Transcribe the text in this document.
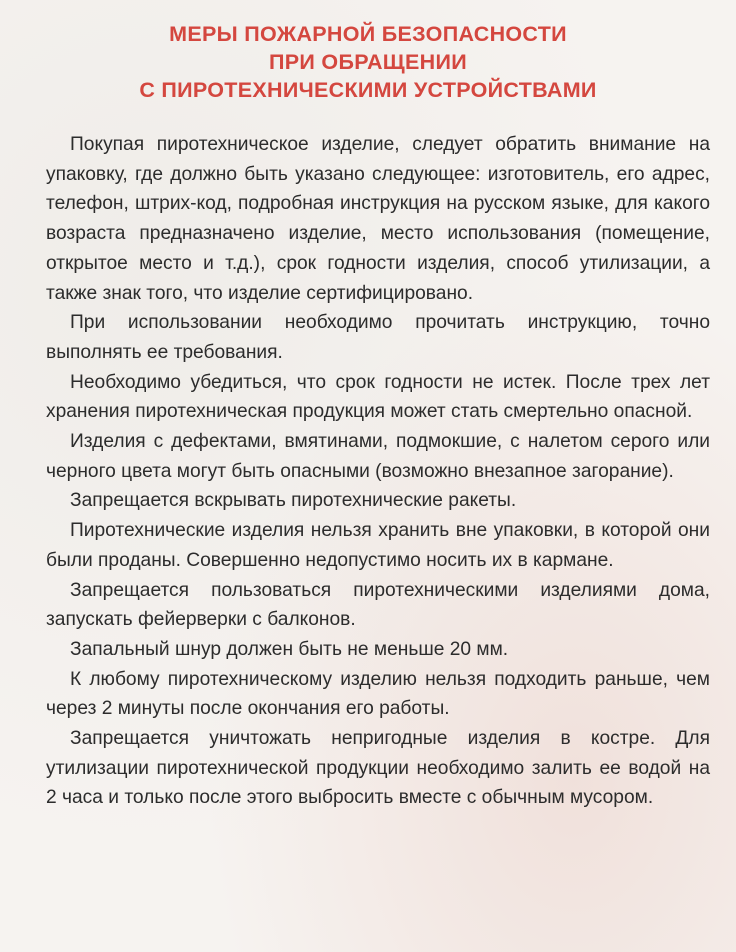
МЕРЫ ПОЖАРНОЙ БЕЗОПАСНОСТИ
ПРИ ОБРАЩЕНИИ
С ПИРОТЕХНИЧЕСКИМИ УСТРОЙСТВАМИ

Покупая пиротехническое изделие, следует обратить внимание на упаковку, где должно быть указано следующее: изготовитель, его адрес, телефон, штрих-код, подробная инструкция на русском языке, для какого возраста предназначено изделие, место использования (помещение, открытое место и т.д.), срок годности изделия, способ утилизации, а также знак того, что изделие сертифицировано.

При использовании необходимо прочитать инструкцию, точно выполнять ее требования.

Необходимо убедиться, что срок годности не истек. После трех лет хранения пиротехническая продукция может стать смертельно опасной.

Изделия с дефектами, вмятинами, подмокшие, с налетом серого или черного цвета могут быть опасными (возможно внезапное загорание).

Запрещается вскрывать пиротехнические ракеты.

Пиротехнические изделия нельзя хранить вне упаковки, в которой они были проданы. Совершенно недопустимо носить их в кармане.

Запрещается пользоваться пиротехническими изделиями дома, запускать фейерверки с балконов.

Запальный шнур должен быть не меньше 20 мм.

К любому пиротехническому изделию нельзя подходить раньше, чем через 2 минуты после окончания его работы.

Запрещается уничтожать непригодные изделия в костре. Для утилизации пиротехнической продукции необходимо залить ее водой на 2 часа и только после этого выбросить вместе с обычным мусором.
